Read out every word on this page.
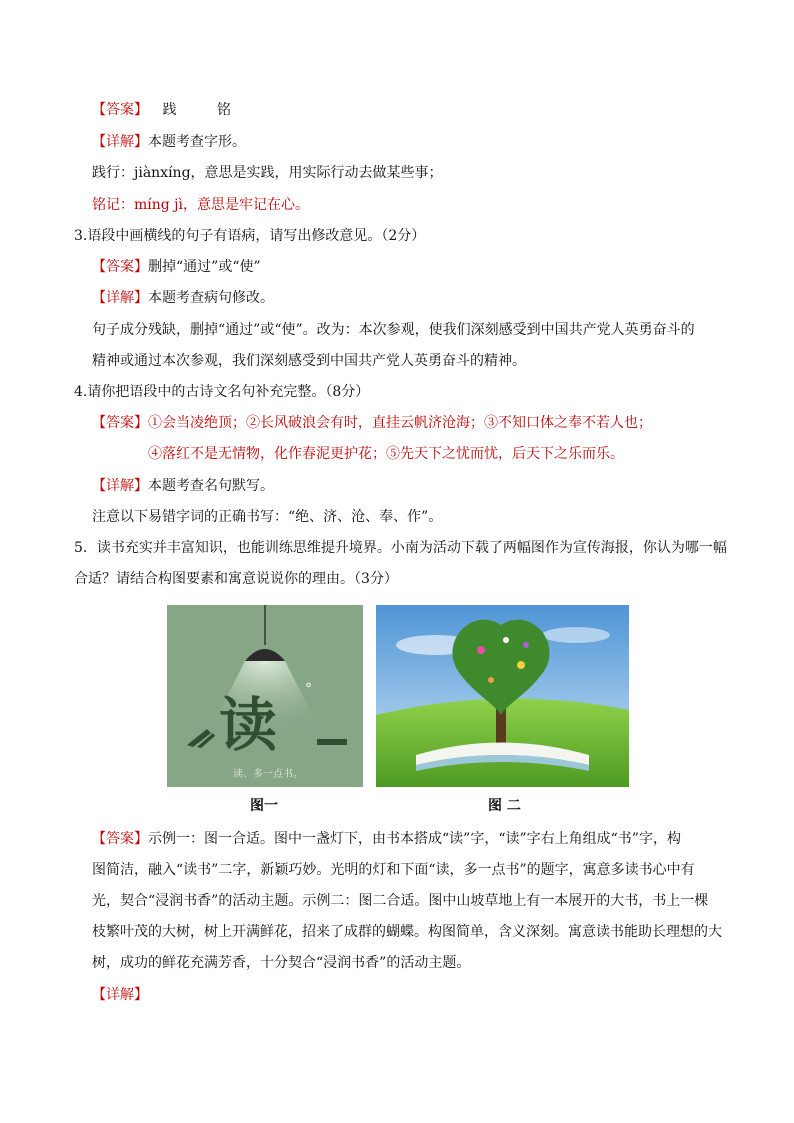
【答案】 践	铭
【详解】本题考查字形。
践行：jiànxíng，意思是实践，用实际行动去做某些事；
铭记：míng jì，意思是牢记在心。
3.语段中画横线的句子有语病，请写出修改意见。（2分）
【答案】删掉“通过”或“使”
【详解】本题考查病句修改。
句子成分残缺，删掉“通过”或“使”。改为：本次参观，使我们深刻感受到中国共产党人英勇奋斗的
精神或通过本次参观，我们深刻感受到中国共产党人英勇奋斗的精神。
4.请你把语段中的古诗文名句补充完整。（8分）
【答案】①会当凌绝顶；②长风破浪会有时，直挂云帆济沧海；③不知口体之奉不若人也；
④落红不是无情物，化作春泥更护花；⑤先天下之忧而忧，后天下之乐而乐。
【详解】本题考查名句默写。
注意以下易错字词的正确书写：“绝、济、沧、奉、作”。
5．读书充实并丰富知识，也能训练思维提升境界。小南为活动下载了两幅图作为宣传海报，你认为哪一幅
合适？请结合构图要素和寓意说说你的理由。（3分）
°
读
读、多一点书。
图一	图 二
【答案】示例一：图一合适。图中一盏灯下，由书本搭成“读”字，“读”字右上角组成“书”字，构
图简洁，融入“读书”二字，新颖巧妙。光明的灯和下面“读，多一点书”的题字，寓意多读书心中有
光，契合“浸润书香”的活动主题。示例二：图二合适。图中山坡草地上有一本展开的大书，书上一棵
枝繁叶茂的大树，树上开满鲜花，招来了成群的蝴蝶。构图简单，含义深刻。寓意读书能助长理想的大
树，成功的鲜花充满芳香，十分契合“浸润书香”的活动主题。
【详解】
